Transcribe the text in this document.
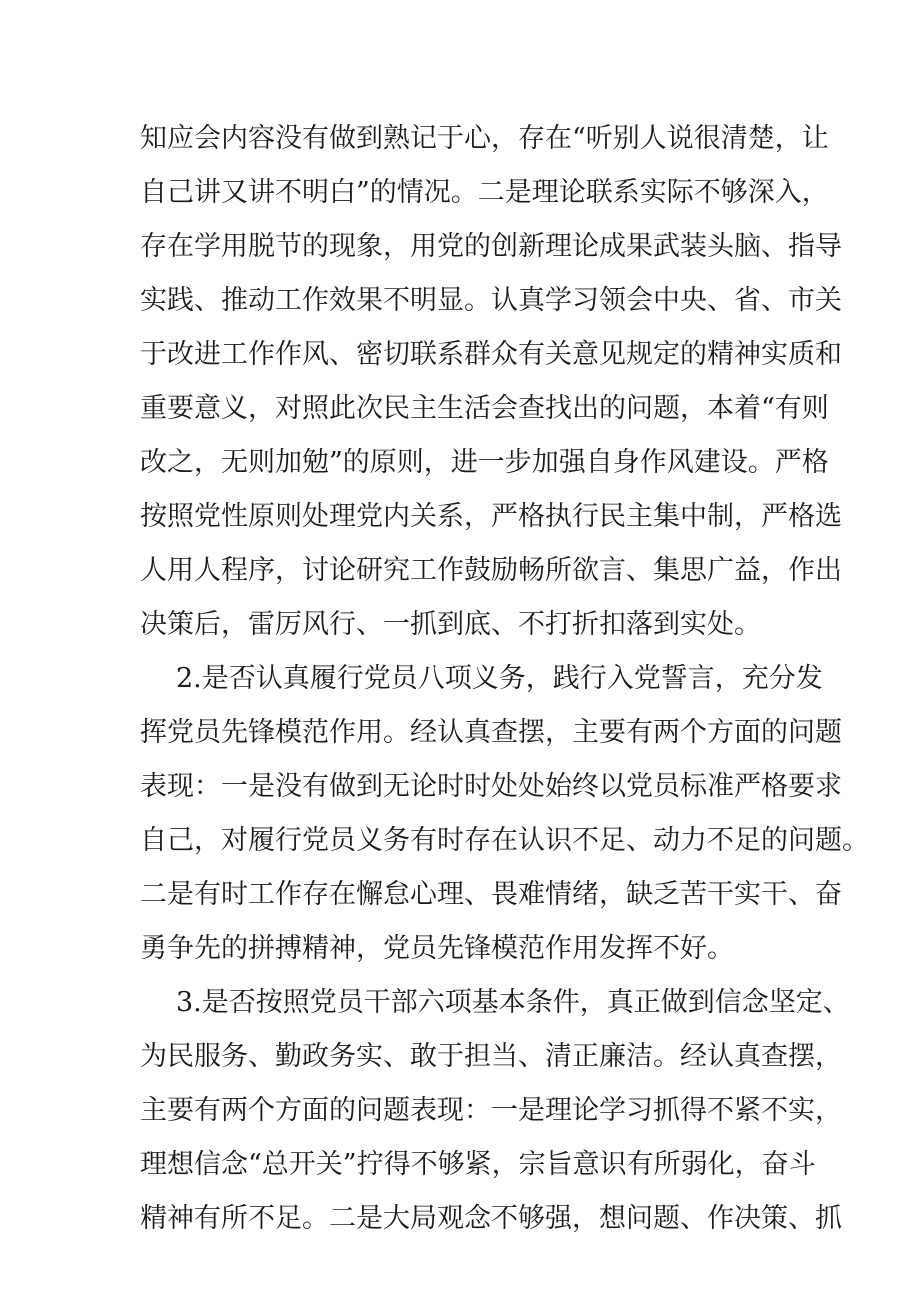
知应会内容没有做到熟记于心，存在“听别人说很清楚，让
自己讲又讲不明白”的情况。二是理论联系实际不够深入，
存在学用脱节的现象，用党的创新理论成果武装头脑、指导
实践、推动工作效果不明显。认真学习领会中央、省、市关
于改进工作作风、密切联系群众有关意见规定的精神实质和
重要意义，对照此次民主生活会查找出的问题，本着“有则
改之，无则加勉”的原则，进一步加强自身作风建设。严格
按照党性原则处理党内关系，严格执行民主集中制，严格选
人用人程序，讨论研究工作鼓励畅所欲言、集思广益，作出
决策后，雷厉风行、一抓到底、不打折扣落到实处。
2.是否认真履行党员八项义务，践行入党誓言，充分发
挥党员先锋模范作用。经认真查摆，主要有两个方面的问题
表现：一是没有做到无论时时处处始终以党员标准严格要求
自己，对履行党员义务有时存在认识不足、动力不足的问题。
二是有时工作存在懈怠心理、畏难情绪，缺乏苦干实干、奋
勇争先的拼搏精神，党员先锋模范作用发挥不好。
3.是否按照党员干部六项基本条件，真正做到信念坚定、
为民服务、勤政务实、敢于担当、清正廉洁。经认真查摆，
主要有两个方面的问题表现：一是理论学习抓得不紧不实，
理想信念“总开关”拧得不够紧，宗旨意识有所弱化，奋斗
精神有所不足。二是大局观念不够强，想问题、作决策、抓
